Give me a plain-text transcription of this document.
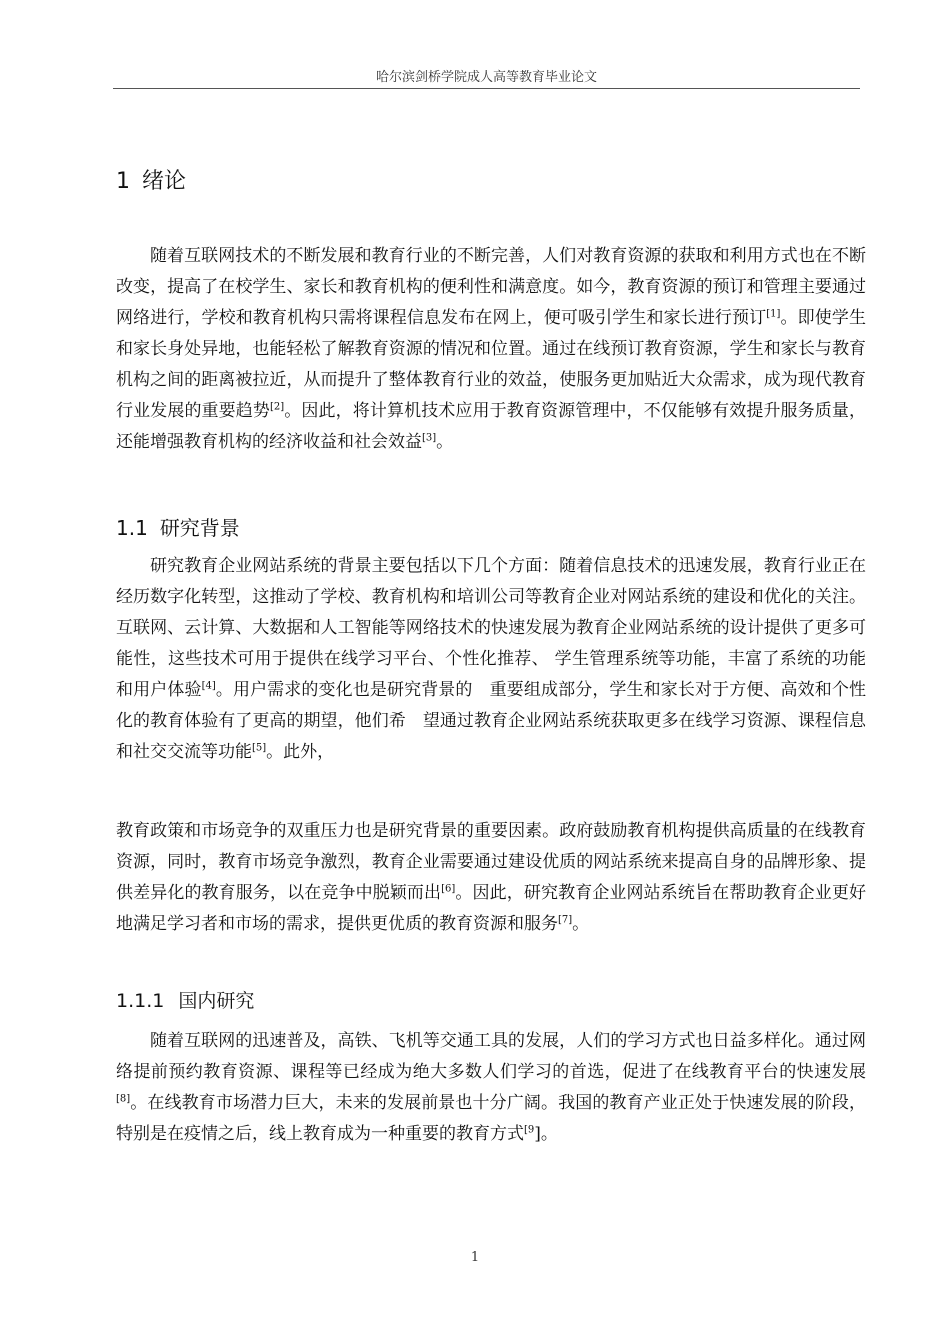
哈尔滨剑桥学院成人高等教育毕业论文
1 绪论

随着互联网技术的不断发展和教育行业的不断完善，人们对教育资源的获取和利用方式也在不断改变，提高了在校学生、家长和教育机构的便利性和满意度。如今，教育资源的预订和管理主要通过网络进行，学校和教育机构只需将课程信息发布在网上，便可吸引学生和家长进行预订[1]。即使学生和家长身处异地，也能轻松了解教育资源的情况和位置。通过在线预订教育资源，学生和家长与教育机构之间的距离被拉近，从而提升了整体教育行业的效益，使服务更加贴近大众需求，成为现代教育行业发展的重要趋势[2]。因此，将计算机技术应用于教育资源管理中，不仅能够有效提升服务质量，还能增强教育机构的经济收益和社会效益[3]。

1.1 研究背景

研究教育企业网站系统的背景主要包括以下几个方面：随着信息技术的迅速发展，教育行业正在经历数字化转型，这推动了学校、教育机构和培训公司等教育企业对网站系统的建设和优化的关注。互联网、云计算、大数据和人工智能等网络技术的快速发展为教育企业网站系统的设计提供了更多可能性，这些技术可用于提供在线学习平台、个性化推荐、 学生管理系统等功能，丰富了系统的功能和用户体验[4]。用户需求的变化也是研究背景的　重要组成部分，学生和家长对于方便、高效和个性化的教育体验有了更高的期望，他们希　望通过教育企业网站系统获取更多在线学习资源、课程信息和社交交流等功能[5]。此外，

教育政策和市场竞争的双重压力也是研究背景的重要因素。政府鼓励教育机构提供高质量的在线教育资源，同时，教育市场竞争激烈，教育企业需要通过建设优质的网站系统来提高自身的品牌形象、提供差异化的教育服务，以在竞争中脱颖而出[6]。因此，研究教育企业网站系统旨在帮助教育企业更好地满足学习者和市场的需求，提供更优质的教育资源和服务[7]。

1.1.1 国内研究

随着互联网的迅速普及，高铁、飞机等交通工具的发展，人们的学习方式也日益多样化。通过网络提前预约教育资源、课程等已经成为绝大多数人们学习的首选，促进了在线教育平台的快速发展[8]。在线教育市场潜力巨大，未来的发展前景也十分广阔。我国的教育产业正处于快速发展的阶段，特别是在疫情之后，线上教育成为一种重要的教育方式$^{[9}$]。

1
